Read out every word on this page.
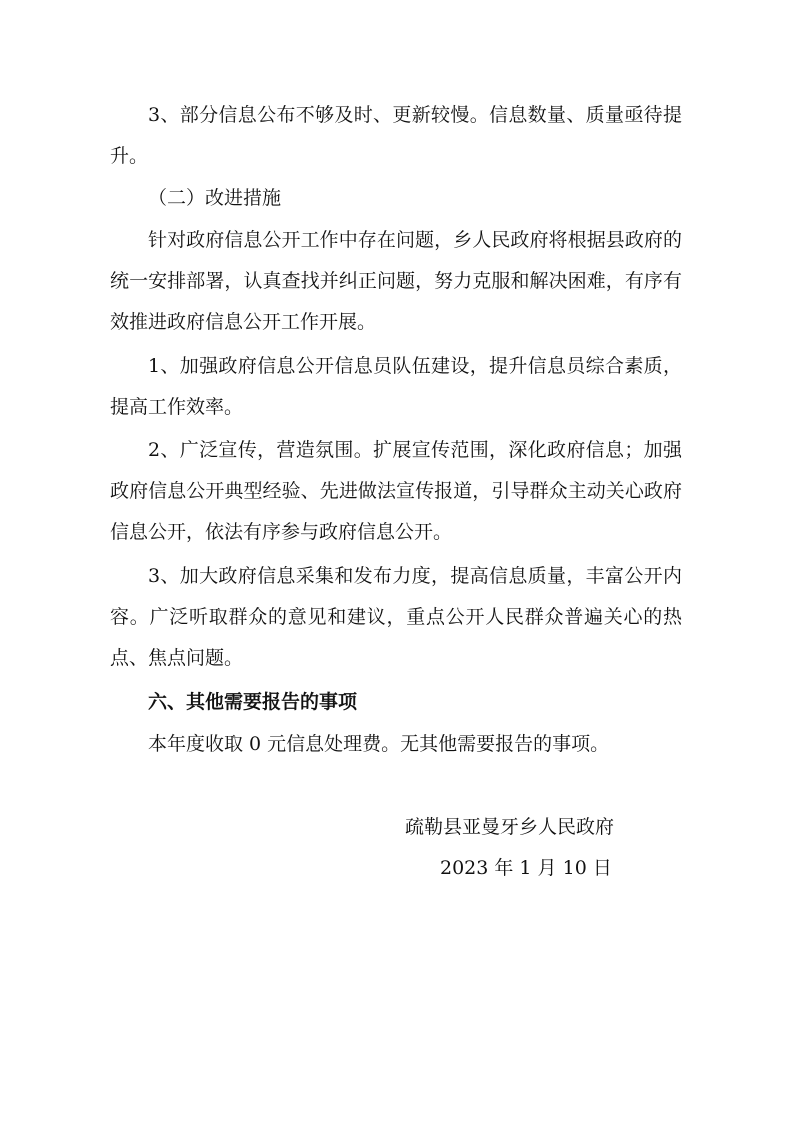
3、部分信息公布不够及时、更新较慢。信息数量、质量亟待提升。

（二）改进措施

针对政府信息公开工作中存在问题，乡人民政府将根据县政府的统一安排部署，认真查找并纠正问题，努力克服和解决困难，有序有效推进政府信息公开工作开展。

1、加强政府信息公开信息员队伍建设，提升信息员综合素质，提高工作效率。

2、广泛宣传，营造氛围。扩展宣传范围，深化政府信息；加强政府信息公开典型经验、先进做法宣传报道，引导群众主动关心政府信息公开，依法有序参与政府信息公开。

3、加大政府信息采集和发布力度，提高信息质量，丰富公开内容。广泛听取群众的意见和建议，重点公开人民群众普遍关心的热点、焦点问题。

六、其他需要报告的事项

本年度收取 0 元信息处理费。无其他需要报告的事项。

疏勒县亚曼牙乡人民政府

2023 年 1 月 10 日
